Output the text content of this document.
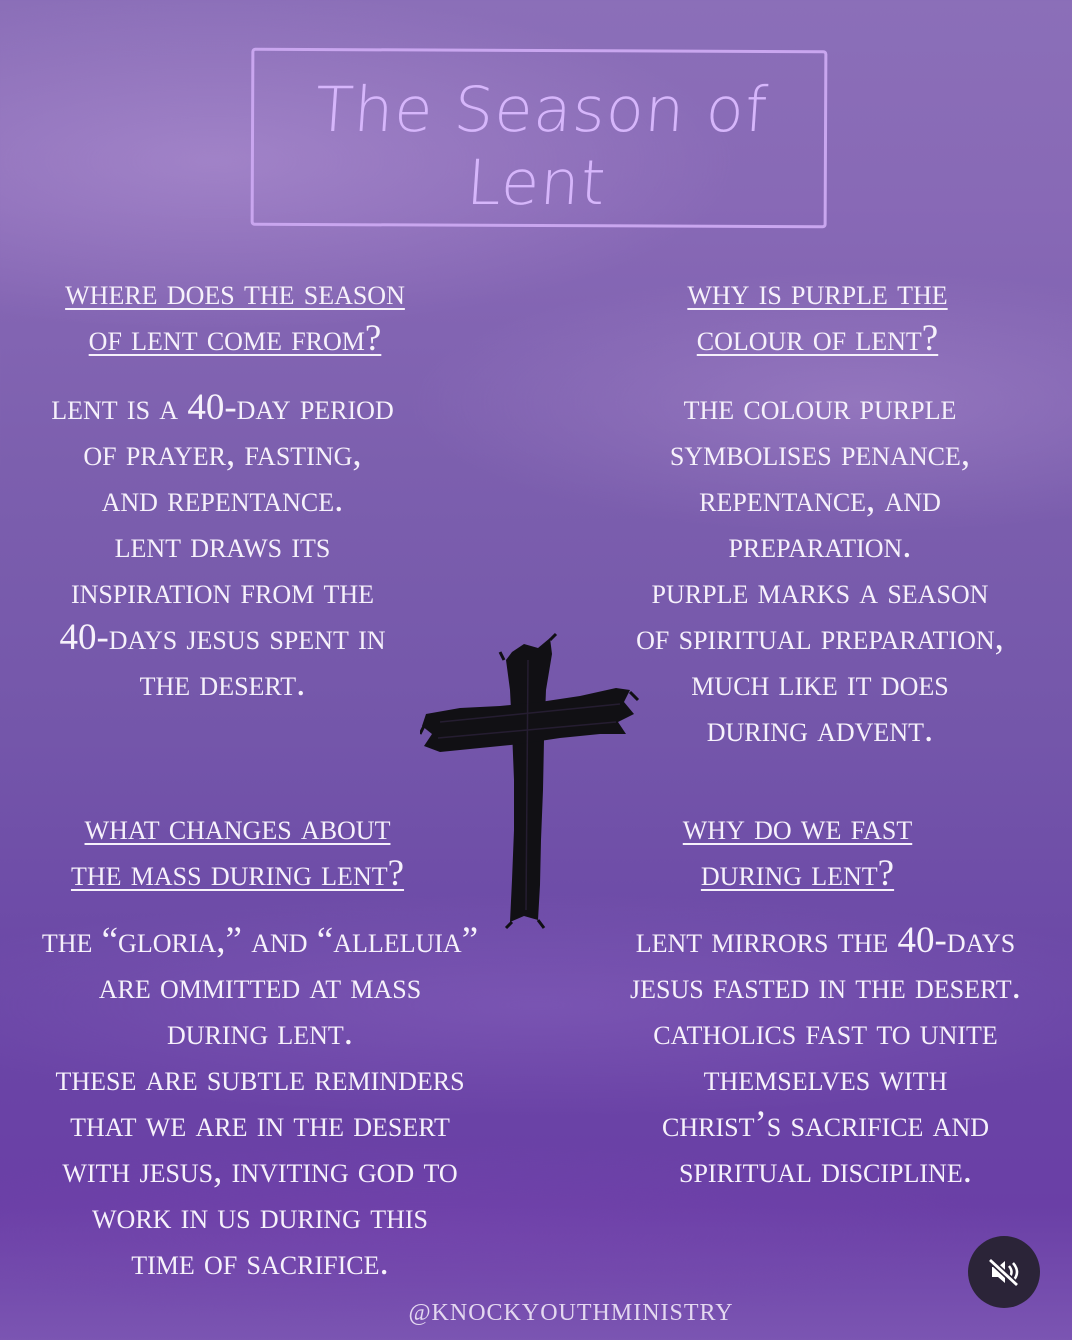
The Season of Lent
where does the season
of lent come from?
lent is a 40-day period
of prayer, fasting,
and repentance.
lent draws its
inspiration from the
40-days jesus spent in
the desert.
why is purple the
colour of lent?
the colour purple
symbolises penance,
repentance, and
preparation.
purple marks a season
of spiritual preparation,
much like it does
during advent.
what changes about
the mass during lent?
the “gloria,” and “alleluia”
are ommitted at mass
during lent.
these are subtle reminders
that we are in the desert
with jesus, inviting god to
work in us during this
time of sacrifice.
why do we fast
during lent?
lent mirrors the 40-days
jesus fasted in the desert.
catholics fast to unite
themselves with
christ’s sacrifice and
spiritual discipline.
@KNOCKYOUTHMINISTRY
